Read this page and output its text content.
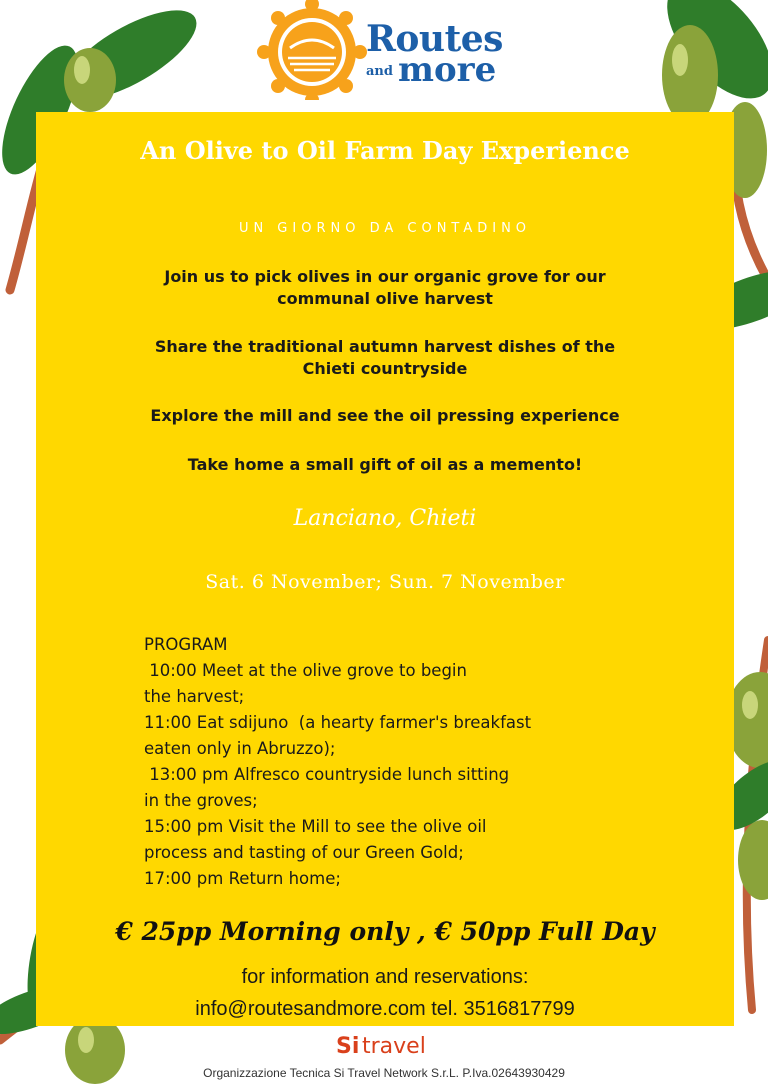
Routes
and more
An Olive to Oil Farm Day Experience
UN GIORNO DA CONTADINO
Join us to pick olives in our organic grove for our communal olive harvest
Share the traditional autumn harvest dishes of the Chieti countryside
Explore the mill and see the oil pressing experience
Take home a small gift of oil as a memento!
Lanciano, Chieti
Sat. 6 November; Sun. 7 November
PROGRAM
10:00 Meet at the olive grove to begin
the harvest;
11:00 Eat sdijuno  (a hearty farmer's breakfast
eaten only in Abruzzo);
13:00 pm Alfresco countryside lunch sitting
in the groves;
15:00 pm Visit the Mill to see the olive oil
process and tasting of our Green Gold;
17:00 pm Return home;
€ 25pp Morning only , € 50pp Full Day
for information and reservations:
info@routesandmore.com tel. 3516817799
Si travel
Organizzazione Tecnica Si Travel Network S.r.L. P.Iva.02643930429
